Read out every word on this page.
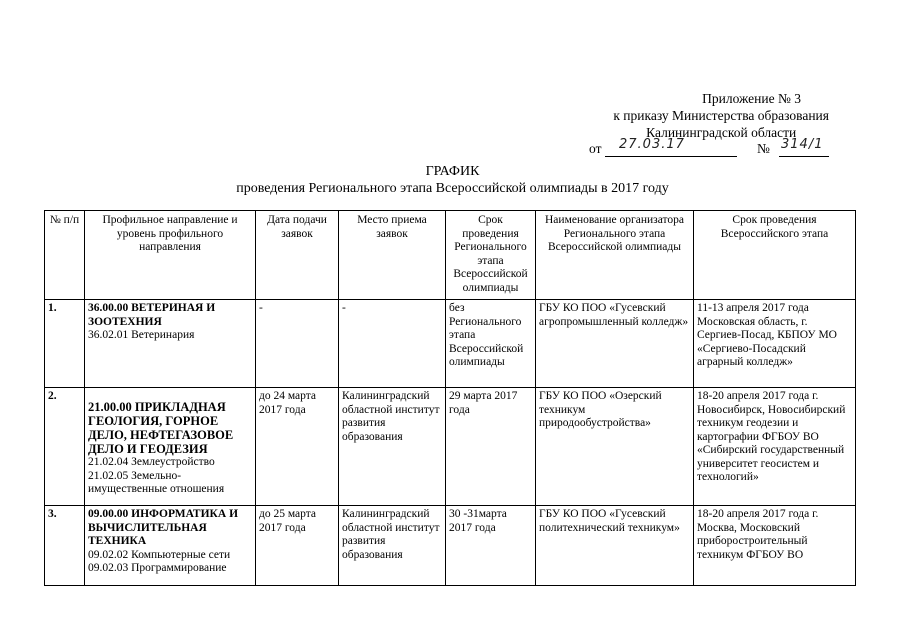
Приложение № 3
к приказу Министерства образования
Калининградской области
от 27.03.17	№ 314/1
ГРАФИК
проведения Регионального этапа Всероссийской олимпиады в 2017 году
№ п/п	Профильное направление и уровень профильного направления	Дата подачи заявок	Место приема заявок	Срок проведения Регионального этапа Всероссийской олимпиады	Наименование организатора Регионального этапа Всероссийской олимпиады	Срок проведения Всероссийского этапа
1.	36.00.00 ВЕТЕРИНАЯ И ЗООТЕХНИЯ
36.02.01 Ветеринария	-	-	без Регионального этапа Всероссийской олимпиады	ГБУ КО ПОО «Гусевский агропромышленный колледж»	11-13 апреля 2017 года Московская область, г. Сергиев-Посад, КБПОУ МО «Сергиево-Посадский аграрный колледж»
2.	21.00.00 ПРИКЛАДНАЯ ГЕОЛОГИЯ, ГОРНОЕ ДЕЛО, НЕФТЕГАЗОВОЕ ДЕЛО И ГЕОДЕЗИЯ
21.02.04 Землеустройство
21.02.05 Земельно-имущественные отношения	до 24 марта 2017 года	Калининградский областной институт развития образования	29 марта 2017 года	ГБУ КО ПОО «Озерский техникум природообустройства»	18-20 апреля 2017 года г. Новосибирск, Новосибирский техникум геодезии и картографии ФГБОУ ВО «Сибирский государственный университет геосистем и технологий»
3.	09.00.00 ИНФОРМАТИКА И ВЫЧИСЛИТЕЛЬНАЯ ТЕХНИКА
09.02.02 Компьютерные сети
09.02.03 Программирование	до 25 марта 2017 года	Калининградский областной институт развития образования	30 -31марта 2017 года	ГБУ КО ПОО «Гусевский политехнический техникум»	18-20 апреля 2017 года г. Москва, Московский приборостроительный техникум ФГБОУ ВО
